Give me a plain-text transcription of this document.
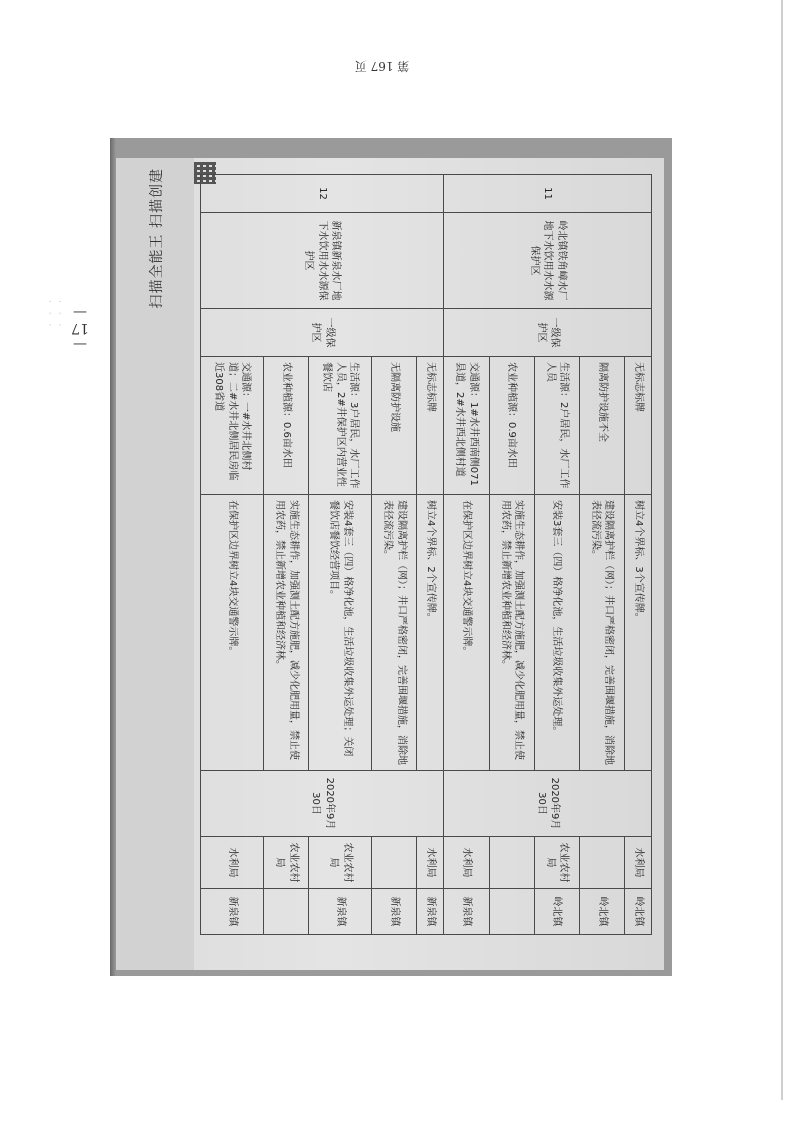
第 167 页
· · ·
· · ·
扫描全能王 扫描创建	11	岭北镇铁角嶂水厂地下水饮用水水源保护区	一级保护区	无标志标牌	树立4个界标、3个宣传牌。	2020年9月30日	水利局	岭北镇
			隔离防护设施不全	建设隔离护栏（网）；井口严格密闭，完善围堰措施，消除地表径流污染。			岭北镇
			生活源：2户居民，水厂工作人员	安装3套三（四）格净化池，生活垃圾收集外运处理。		农业农村局	岭北镇
			农业种植源：0.9亩水田	实施生态耕作，加强测土配方施肥，减少化肥用量，禁止使用农药，禁止新增农业种植和经济林。			
			交通源：1#水井西南侧071县道，2#水井西北侧村道	在保护区边界树立4块交通警示牌。		水利局	新泉镇
12	新泉镇新泉水厂地下水饮用水水源保护区	一级保护区	无标志标牌	树立4个界标、2个宣传牌。	2020年9月30日	水利局	新泉镇
			无隔离防护设施	建设隔离护栏（网）；井口严格密闭，完善围堰措施，消除地表径流污染。			新泉镇
			生活源：3户居民，水厂工作人员，2#井保护区内营业性餐饮店	安装4套三（四）格净化池，生活垃圾收集外运处理；关闭餐饮店餐饮经营项目。		农业农村局	新泉镇
			农业种植源：0.6亩水田	实施生态耕作，加强测土配方施肥，减少化肥用量，禁止使用农药，禁止新增农业种植和经济林。		农业农村局	
			交通源：一#水井北侧村道；二#水井北侧居民房临近308省道	在保护区边界树立4块交通警示牌。		水利局	新泉镇
—17—
